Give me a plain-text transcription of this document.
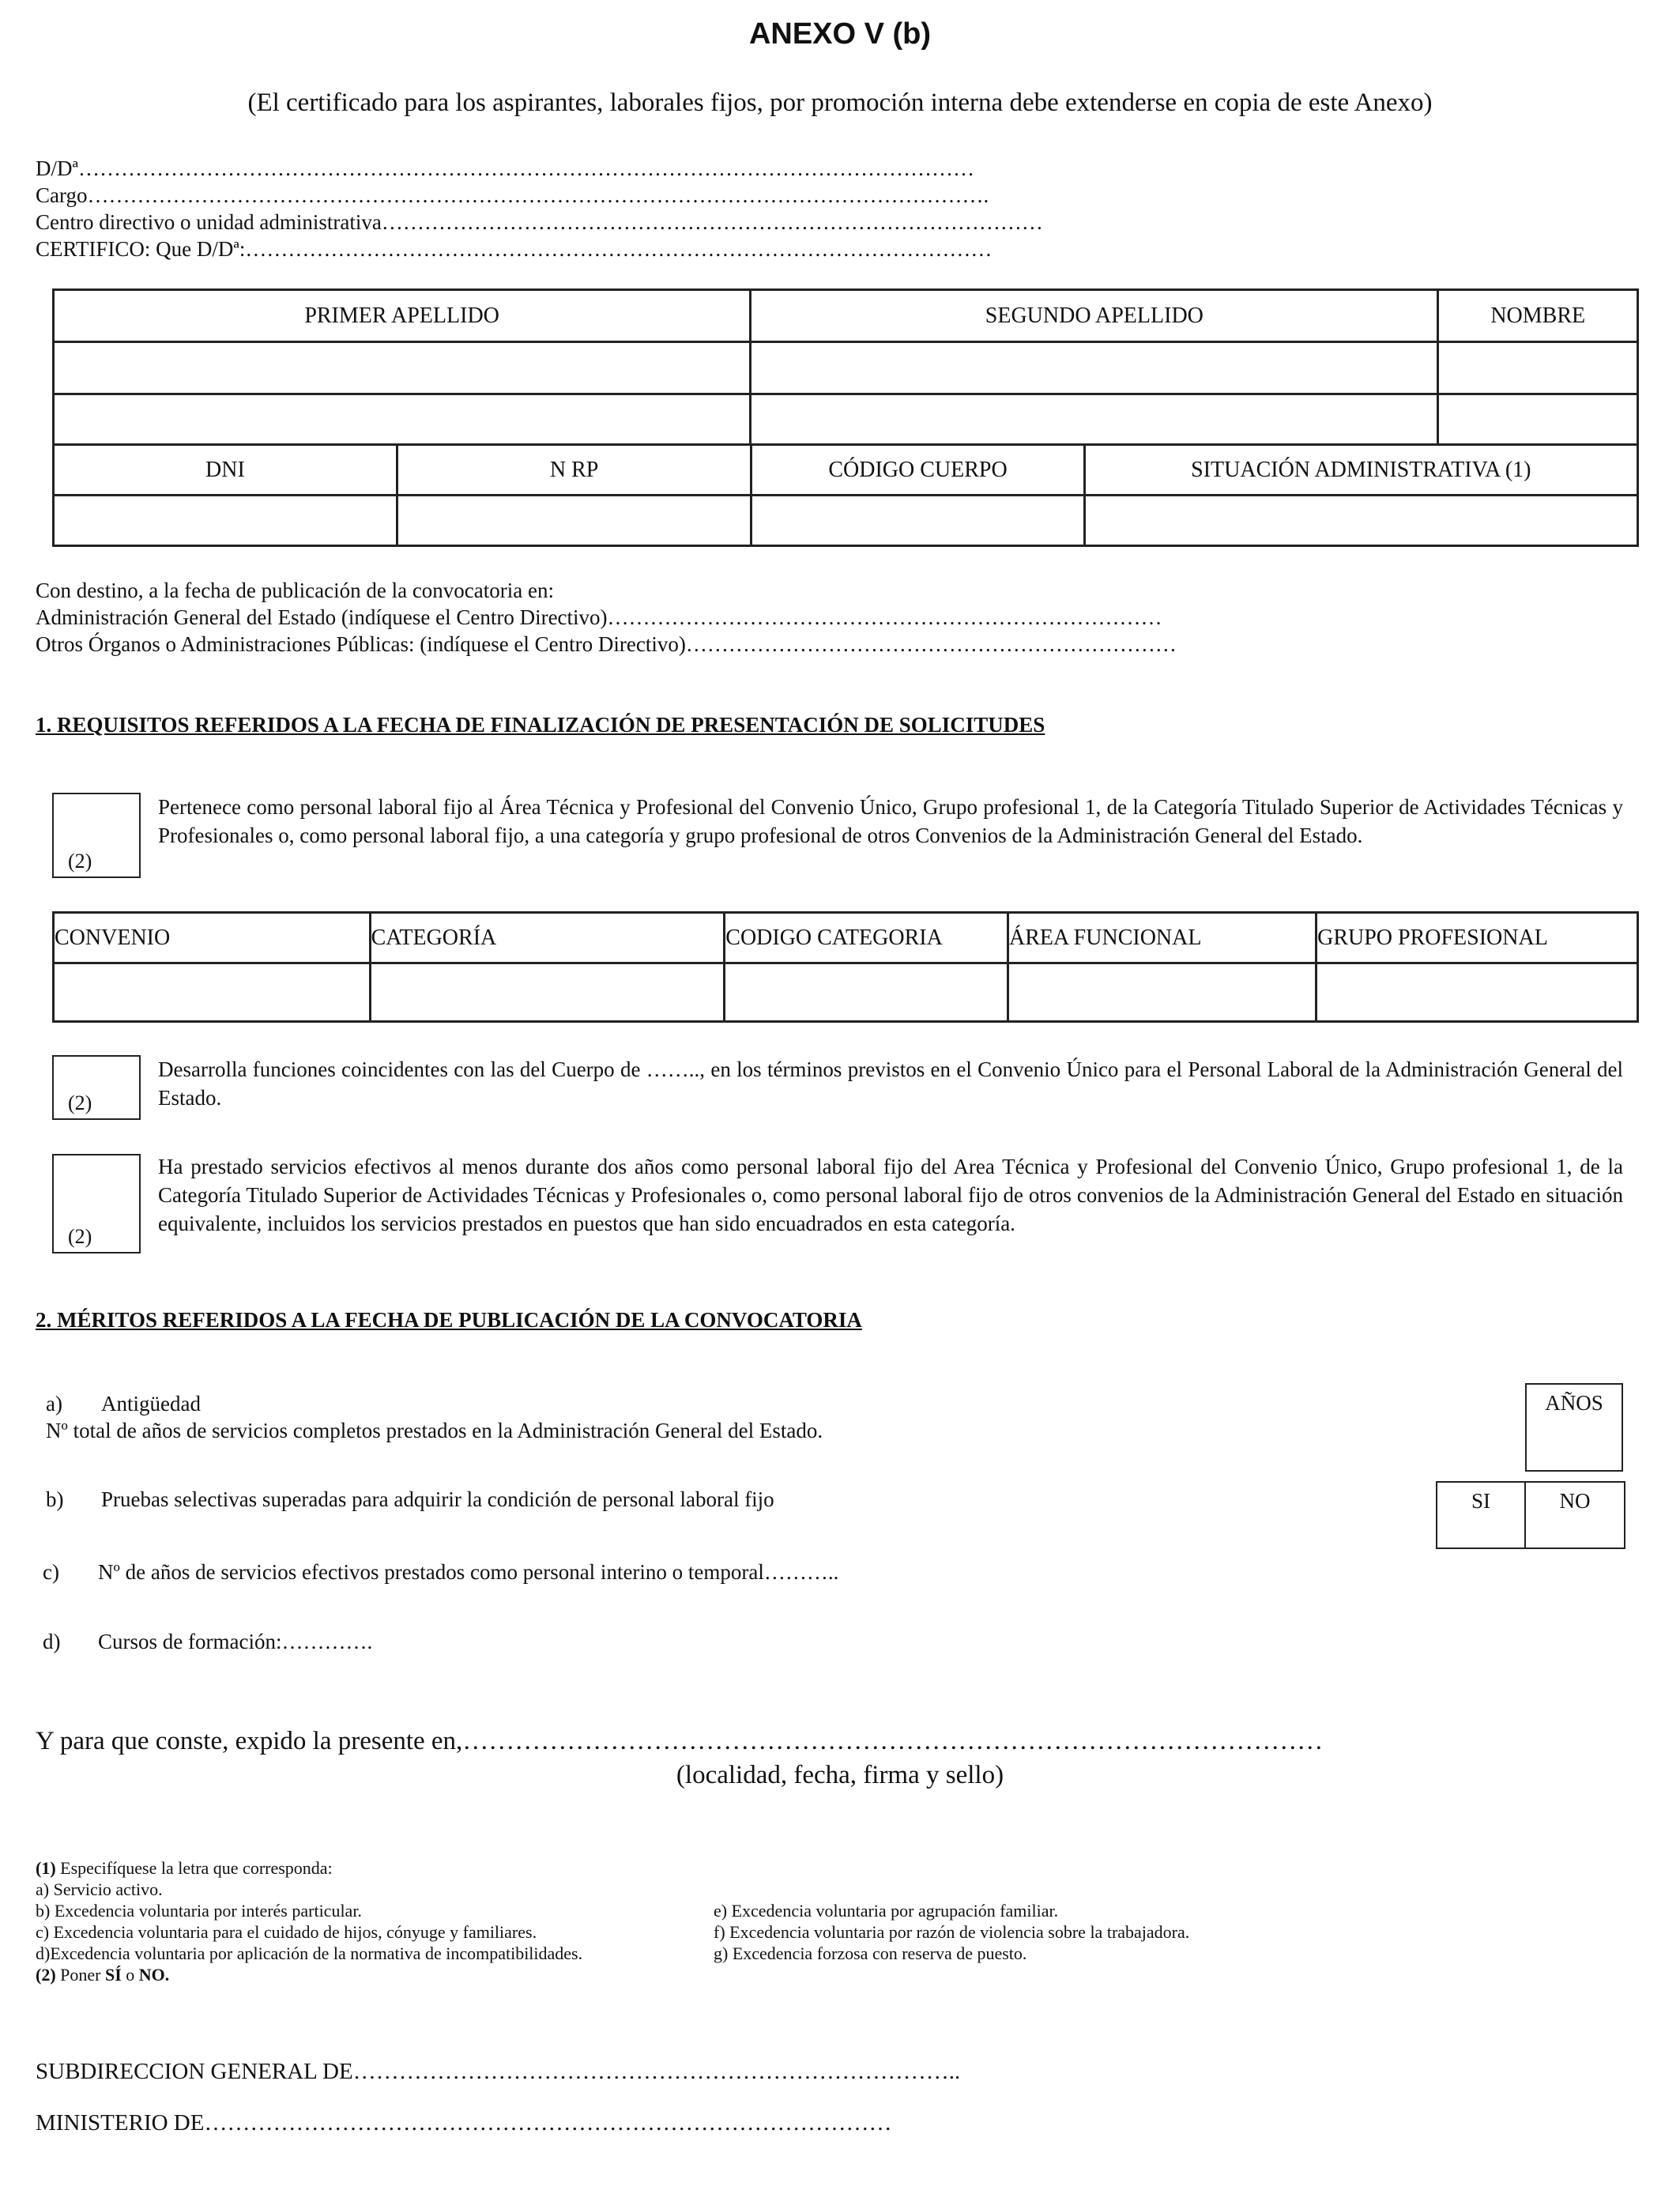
ANEXO V (b)
(El certificado para los aspirantes, laborales fijos, por promoción interna debe extenderse en copia de este Anexo)
D/Dª………………………………………………………………………………………………………………
Cargo……………………………………………………………………………………………………………….
Centro directivo o unidad administrativa…………………………………………………………………………………
CERTIFICO: Que D/Dª:……………………………………………………………………………………………
PRIMER APELLIDO	SEGUNDO APELLIDO	NOMBRE

DNI	N RP	CÓDIGO CUERPO	SITUACIÓN ADMINISTRATIVA (1)

Con destino, a la fecha de publicación de la convocatoria en:
Administración General del Estado (indíquese el Centro Directivo)……………………………………………………………………
Otros Órganos o Administraciones Públicas: (indíquese el Centro Directivo)……………………………………………………………
1. REQUISITOS REFERIDOS A LA FECHA DE FINALIZACIÓN DE PRESENTACIÓN DE SOLICITUDES
(2)
Pertenece como personal laboral fijo al Área Técnica y Profesional del Convenio Único, Grupo profesional 1, de la Categoría Titulado Superior de Actividades Técnicas y Profesionales o, como personal laboral fijo, a una categoría y grupo profesional de otros Convenios de la Administración General del Estado.
CONVENIO	CATEGORÍA	CODIGO CATEGORIA	ÁREA FUNCIONAL	GRUPO PROFESIONAL

(2)
Desarrolla funciones coincidentes con las del Cuerpo de …….., en los términos previstos en el Convenio Único para el Personal Laboral de la Administración General del Estado.
(2)
Ha prestado servicios efectivos al menos durante dos años como personal laboral fijo del Area Técnica y Profesional del Convenio Único, Grupo profesional 1, de la Categoría Titulado Superior de Actividades Técnicas y Profesionales o, como personal laboral fijo de otros convenios de la Administración General del Estado en situación equivalente, incluidos los servicios prestados en puestos que han sido encuadrados en esta categoría.
2. MÉRITOS REFERIDOS A LA FECHA DE PUBLICACIÓN DE LA CONVOCATORIA
a) Antigüedad
Nº total de años de servicios completos prestados en la Administración General del Estado.
AÑOS
b) Pruebas selectivas superadas para adquirir la condición de personal laboral fijo	SI	NO
c) Nº de años de servicios efectivos prestados como personal interino o temporal………..
d) Cursos de formación:………….
Y para que conste, expido la presente en,………………………………………………………………………………………
(localidad, fecha, firma y sello)
(1) Especifíquese la letra que corresponda:
a) Servicio activo.
b) Excedencia voluntaria por interés particular.
c) Excedencia voluntaria para el cuidado de hijos, cónyuge y familiares.
d)Excedencia voluntaria por aplicación de la normativa de incompatibilidades.
e) Excedencia voluntaria por agrupación familiar.
f) Excedencia voluntaria por razón de violencia sobre la trabajadora.
g) Excedencia forzosa con reserva de puesto.
(2) Poner SÍ o NO.
SUBDIRECCION GENERAL DE……………………………………………………………………..
MINISTERIO DE………………………………………………………………………………
